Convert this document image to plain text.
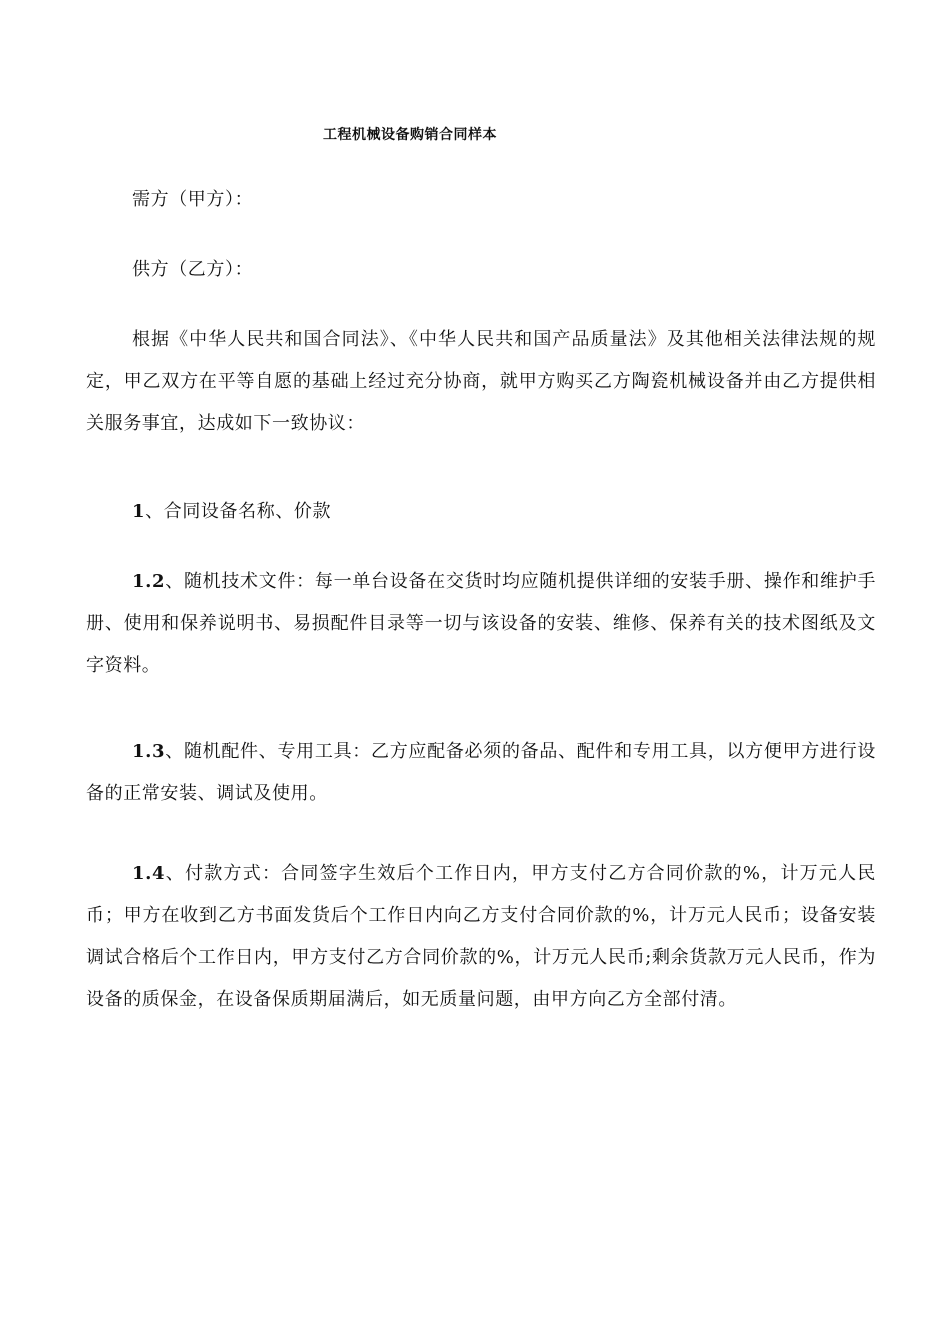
工程机械设备购销合同样本

需方（甲方）：

供方（乙方）：

根据《中华人民共和国合同法》、《中华人民共和国产品质量法》及其他相关法律法规的规定，甲乙双方在平等自愿的基础上经过充分协商，就甲方购买乙方陶瓷机械设备并由乙方提供相关服务事宜，达成如下一致协议：

1、合同设备名称、价款

1.2、随机技术文件：每一单台设备在交货时均应随机提供详细的安装手册、操作和维护手册、使用和保养说明书、易损配件目录等一切与该设备的安装、维修、保养有关的技术图纸及文字资料。

1.3、随机配件、专用工具：乙方应配备必须的备品、配件和专用工具，以方便甲方进行设备的正常安装、调试及使用。

1.4、付款方式：合同签字生效后个工作日内，甲方支付乙方合同价款的%，计万元人民币；甲方在收到乙方书面发货后个工作日内向乙方支付合同价款的%，计万元人民币；设备安装调试合格后个工作日内，甲方支付乙方合同价款的%，计万元人民币;剩余货款万元人民币，作为设备的质保金，在设备保质期届满后，如无质量问题，由甲方向乙方全部付清。
